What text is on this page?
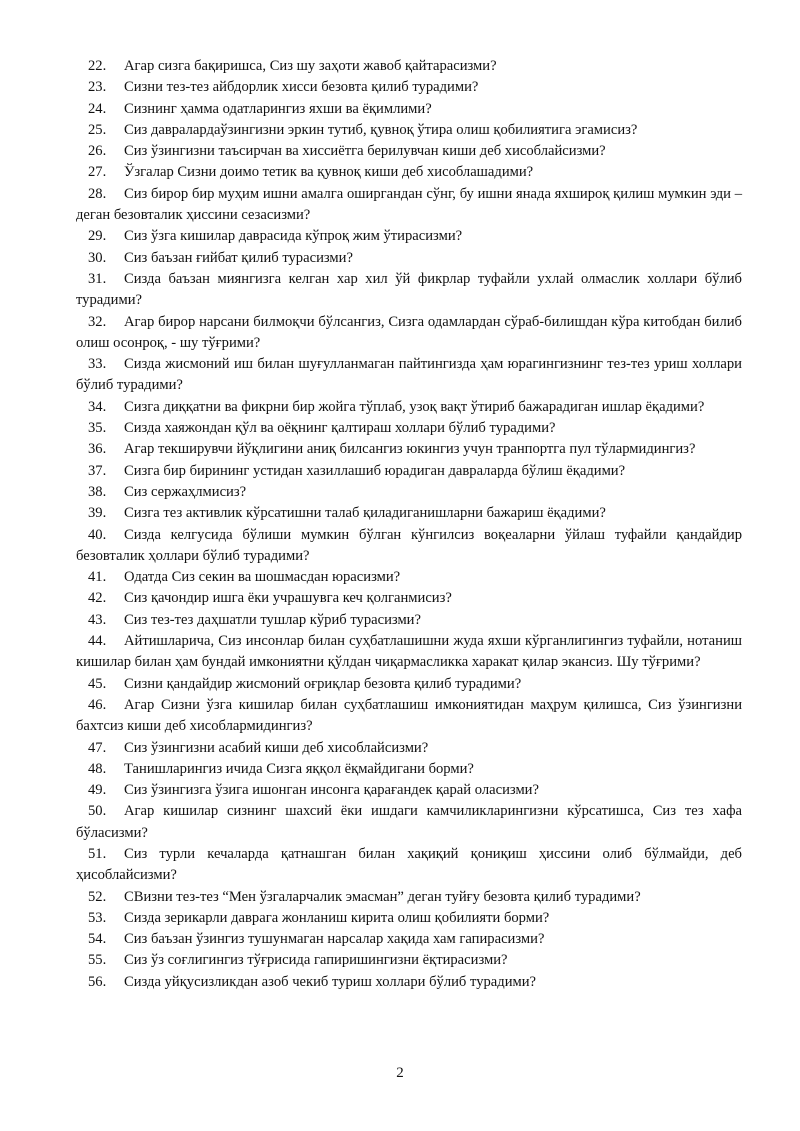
22. Агар сизга бақиришса, Сиз шу заҳоти жавоб қайтарасизми?

23. Сизни тез-тез айбдорлик хисси безовта қилиб турадими?

24. Сизнинг ҳамма одатларингиз яхши ва ёқимлими?

25. Сиз давралардаўзингизни эркин тутиб, қувноқ ўтира олиш қобилиятига эгамисиз?

26. Сиз ўзингизни таъсирчан ва хиссиётга берилувчан киши деб хисоблайсизми?

27. Ўзгалар Сизни доимо тетик ва қувноқ киши деб хисоблашадими?

28. Сиз бирор бир муҳим ишни амалга оширгандан сўнг, бу ишни янада яхшироқ қилиш мумкин эди – деган безовталик ҳиссини сезасизми?

29. Сиз ўзга кишилар даврасида кўпроқ жим ўтирасизми?

30. Сиз баъзан ғийбат қилиб турасизми?

31. Сизда баъзан миянгизга келган хар хил ўй фикрлар туфайли ухлай олмаслик холлари бўлиб турадими?

32. Агар бирор нарсани билмоқчи бўлсангиз, Сизга одамлардан сўраб-билишдан кўра китобдан билиб олиш осонроқ, - шу тўғрими?

33. Сизда жисмоний иш билан шуғулланмаган пайтингизда ҳам юрагингизнинг тез-тез уриш холлари бўлиб турадими?

34. Сизга диққатни ва фикрни бир жойга тўплаб, узоқ вақт ўтириб бажарадиган ишлар ёқадими?

35. Сизда хаяжондан қўл ва оёқнинг қалтираш холлари бўлиб турадими?

36. Агар текширувчи йўқлигини аниқ билсангиз юкингиз учун транпортга пул тўлармидингиз?

37. Сизга бир бирининг устидан хазиллашиб юрадиган давраларда бўлиш ёқадими?

38. Сиз сержаҳлмисиз?

39. Сизга тез активлик кўрсатишни талаб қиладиганишларни бажариш ёқадими?

40. Сизда келгусида бўлиши мумкин бўлган кўнгилсиз воқеаларни ўйлаш туфайли қандайдир безовталик ҳоллари бўлиб турадими?

41. Одатда Сиз секин ва шошмасдан юрасизми?

42. Сиз қачондир ишга ёки учрашувга кеч қолганмисиз?

43. Сиз тез-тез даҳшатли тушлар кўриб турасизми?

44. Айтишларича, Сиз инсонлар билан суҳбатлашишни жуда яхши кўрганлигингиз туфайли, нотаниш кишилар билан ҳам бундай имкониятни қўлдан чиқармасликка харакат қилар экансиз. Шу тўғрими?

45. Сизни қандайдир жисмоний оғриқлар безовта қилиб турадими?

46. Агар Сизни ўзга кишилар билан суҳбатлашиш имкониятидан маҳрум қилишса, Сиз ўзингизни бахтсиз киши деб хисоблармидингиз?

47. Сиз ўзингизни асабий киши деб хисоблайсизми?

48. Танишларингиз ичида Сизга яққол ёқмайдигани борми?

49. Сиз ўзингизга ўзига ишонган инсонга қарағандек қарай оласизми?

50. Агар кишилар сизнинг шахсий ёки ишдаги камчиликларингизни кўрсатишса, Сиз тез хафа бўласизми?

51. Сиз турли кечаларда қатнашган билан хақиқий қониқиш ҳиссини олиб бўлмайди, деб ҳисоблайсизми?

52. СВизни тез-тез “Мен ўзгаларчалик эмасман” деган туйғу безовта қилиб турадими?

53. Сизда зерикарли даврага жонланиш кирита олиш қобилияти борми?

54. Сиз баъзан ўзингиз тушунмаган нарсалар хақида хам гапирасизми?

55. Сиз ўз соғлигингиз тўғрисида гапиришингизни ёқтирасизми?

56. Сизда уйқусизликдан азоб чекиб туриш холлари бўлиб турадими?

2
